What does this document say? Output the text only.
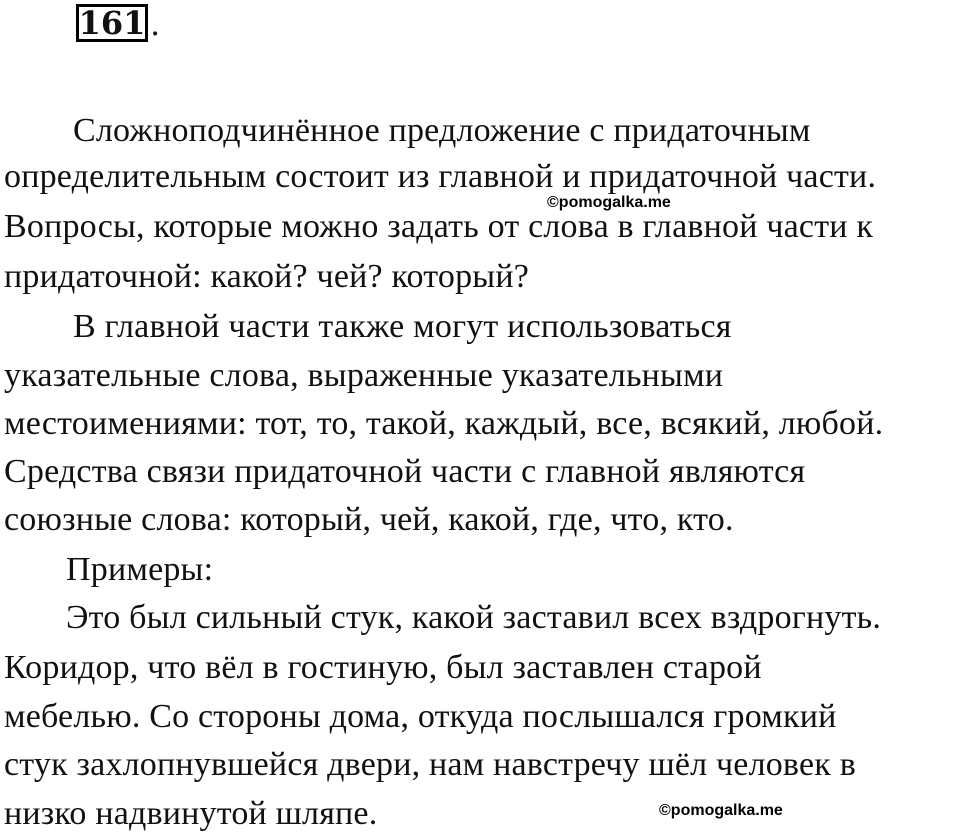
161 .
Сложноподчинённое предложение с придаточным
определительным состоит из главной и придаточной части.
Вопросы, которые можно задать от слова в главной части к
придаточной: какой? чей? который?
В главной части также могут использоваться
указательные слова, выраженные указательными
местоимениями: тот, то, такой, каждый, все, всякий, любой.
Средства связи придаточной части с главной являются
союзные слова: который, чей, какой, где, что, кто.
Примеры:
Это был сильный стук, какой заставил всех вздрогнуть.
Коридор, что вёл в гостиную, был заставлен старой
мебелью. Со стороны дома, откуда послышался громкий
стук захлопнувшейся двери, нам навстречу шёл человек в
низко надвинутой шляпе.
©pomogalka.me
©pomogalka.me
